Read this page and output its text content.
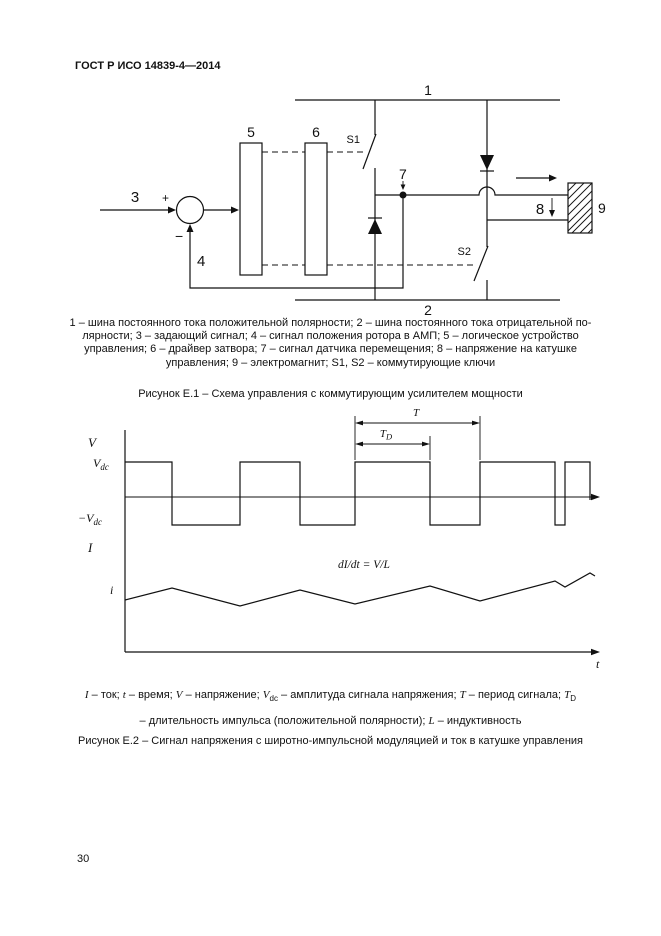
ГОСТ Р ИСО 14839-4—2014
1
2
3 +
−
5	6 S1
7
4
S2
8	9
1 – шина постоянного тока положительной полярности; 2 – шина постоянного тока отрицательной по-
лярности; 3 – задающий сигнал; 4 – сигнал положения ротора в АМП; 5 – логическое устройство
управления; 6 – драйвер затвора; 7 – сигнал датчика перемещения; 8 – напряжение на катушке
управления; 9 – электромагнит; S1, S2 – коммутирующие ключи
Рисунок Е.1 – Схема управления с коммутирующим усилителем мощности
V
$V_{dc}$
$-V_{dc}$
T
$T_D$
I
i
t
dI/dt = V/L
I – ток; t – время; V – напряжение; $V_{dc}$ – амплитуда сигнала напряжения; T – период сигнала; $T_D$
– длительность импульса (положительной полярности); L – индуктивность
Рисунок Е.2 – Сигнал напряжения с широтно-импульсной модуляцией и ток в катушке управления
30
